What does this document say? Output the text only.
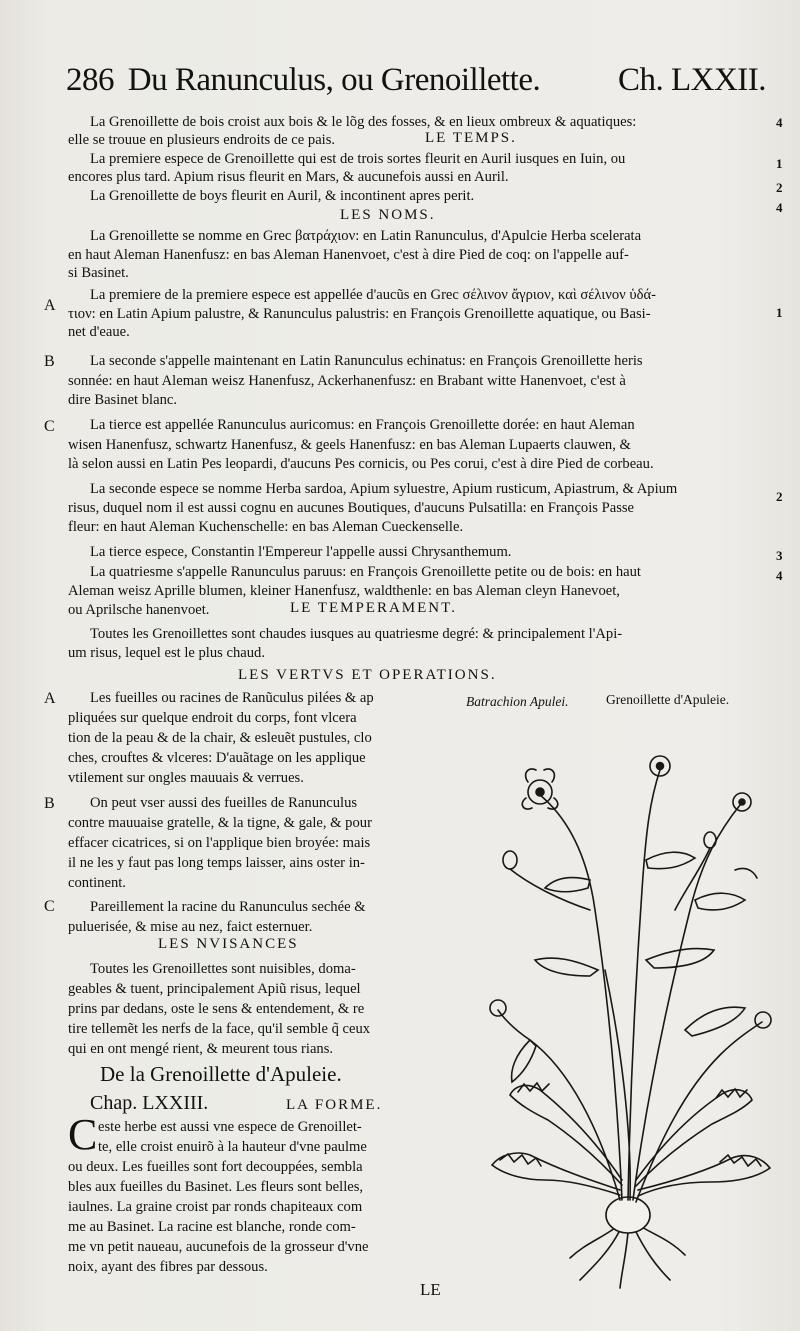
286 Du Ranunculus, ou Grenoillette. Ch. LXXII.
La Grenoillette de bois croist aux bois & le lõg des fosses, & en lieux ombreux & aquatiques:
elle se trouue en plusieurs endroits de ce pais.	LE TEMPS.
La premiere espece de Grenoillette qui est de trois sortes fleurit en Auril iusques en Iuin, ou
encores plus tard. Apium risus fleurit en Mars, & aucunefois aussi en Auril.
La Grenoillette de boys fleurit en Auril, & incontinent apres perit.
LES NOMS.
La Grenoillette se nomme en Grec βατράχιον: en Latin Ranunculus, d'Apulcie Herba scelerata
en haut Aleman Hanenfusz: en bas Aleman Hanenvoet, c'est à dire Pied de coq: on l'appelle auf-
si Basinet.
La premiere de la premiere espece est appellée d'aucũs en Grec σέλινον ἄγριον, καὶ σέλινον ὑδά-
τιον: en Latin Apium palustre, & Ranunculus palustris: en François Grenoillette aquatique, ou Basi-
net d'eaue.
La seconde s'appelle maintenant en Latin Ranunculus echinatus: en François Grenoillette heris
sonnée: en haut Aleman weisz Hanenfusz, Ackerhanenfusz: en Brabant witte Hanenvoet, c'est à
dire Basinet blanc.
La tierce est appellée Ranunculus auricomus: en François Grenoillette dorée: en haut Aleman
wisen Hanenfusz, schwartz Hanenfusz, & geels Hanenfusz: en bas Aleman Lupaerts clauwen, &
là selon aussi en Latin Pes leopardi, d'aucuns Pes cornicis, ou Pes corui, c'est à dire Pied de corbeau.
La seconde espece se nomme Herba sardoa, Apium syluestre, Apium rusticum, Apiastrum, & Apium
risus, duquel nom il est aussi cognu en aucunes Boutiques, d'aucuns Pulsatilla: en François Passe
fleur: en haut Aleman Kuchenschelle: en bas Aleman Cueckenselle.
La tierce espece, Constantin l'Empereur l'appelle aussi Chrysanthemum.
La quatriesme s'appelle Ranunculus paruus: en François Grenoillette petite ou de bois: en haut
Aleman weisz Aprille blumen, kleiner Hanenfusz, waldthenle: en bas Aleman cleyn Hanevoet,
ou Aprilsche hanenvoet.	LE TEMPERAMENT.
Toutes les Grenoillettes sont chaudes iusques au quatriesme degré: & principalement l'Api-
um risus, lequel est le plus chaud.
LES VERTVS ET OPERATIONS.
Les fueilles ou racines de Ranũculus pilées & ap
pliquées sur quelque endroit du corps, font vlcera
tion de la peau & de la chair, & esleuẽt pustules, clo
ches, crouftes & vlceres: D'auãtage on les applique
vtilement sur ongles mauuais & verrues.
On peut vser aussi des fueilles de Ranunculus
contre mauuaise gratelle, & la tigne, & gale, & pour
effacer cicatrices, si on l'applique bien broyée: mais
il ne les y faut pas long temps laisser, ains oster in-
continent.
Pareillement la racine du Ranunculus sechée &
puluerisée, & mise au nez, faict esternuer.
LES NVISANCES
Toutes les Grenoillettes sont nuisibles, doma-
geables & tuent, principalement Apiũ risus, lequel
prins par dedans, oste le sens & entendement, & re
tire tellemẽt les nerfs de la face, qu'il semble q̃ ceux
qui en ont mengé rient, & meurent tous rians.
De la Grenoillette d'Apuleie.
Chap. LXXIII.	LA FORME.
C este herbe est aussi vne espece de Grenoillet-
te, elle croist enuirõ à la hauteur d'vne paulme
ou deux. Les fueilles sont fort decouppées, sembla
bles aux fueilles du Basinet. Les fleurs sont belles,
iaulnes. La graine croist par ronds chapiteaux com
me au Basinet. La racine est blanche, ronde com-
me vn petit naueau, aucunefois de la grosseur d'vne
noix, ayant des fibres par dessous.
LE
Batrachion Apulei.	Grenoillette d'Apuleie.
A
B
C
A
B
C
4
1
2
4
1
2
3
4
